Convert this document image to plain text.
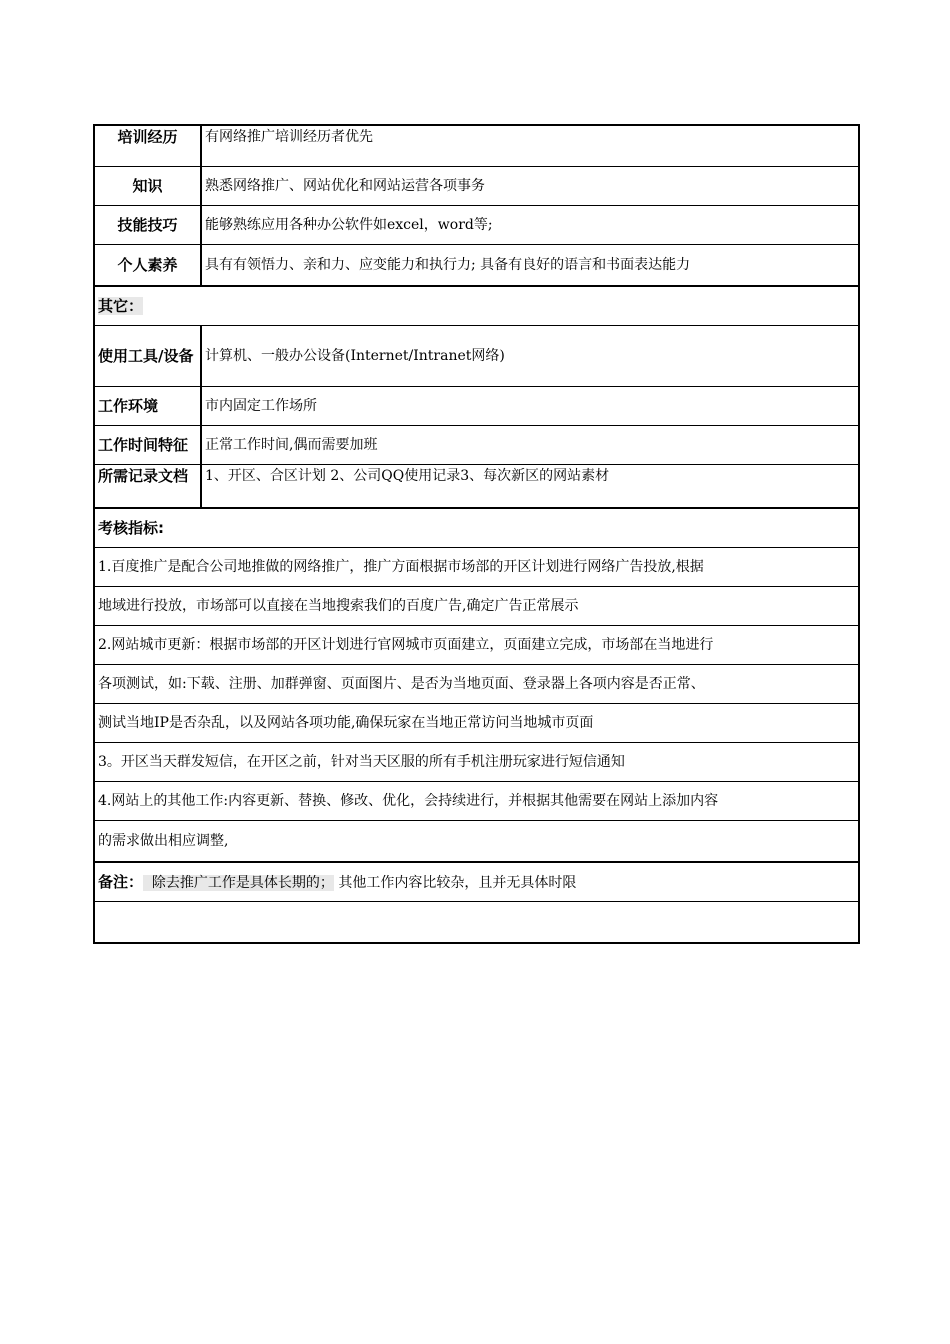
培训经历	有网络推广培训经历者优先
知识	熟悉网络推广、网站优化和网站运营各项事务
技能技巧	能够熟练应用各种办公软件如excel，word等;
个人素养	具有有领悟力、亲和力、应变能力和执行力; 具备有良好的语言和书面表达能力
其它：	
使用工具/设备	计算机、一般办公设备(Internet/Intranet网络)
工作环境	市内固定工作场所
工作时间特征	正常工作时间,偶而需要加班
所需记录文档	1、开区、合区计划 2、公司QQ使用记录3、每次新区的网站素材
考核指标:	
1.百度推广是配合公司地推做的网络推广，推广方面根据市场部的开区计划进行网络广告投放,根据	
地域进行投放，市场部可以直接在当地搜索我们的百度广告,确定广告正常展示	
2.网站城市更新：根据市场部的开区计划进行官网城市页面建立，页面建立完成，市场部在当地进行	
各项测试，如:下载、注册、加群弹窗、页面图片、是否为当地页面、登录器上各项内容是否正常、	
测试当地IP是否杂乱，以及网站各项功能,确保玩家在当地正常访问当地城市页面	
3。开区当天群发短信，在开区之前，针对当天区服的所有手机注册玩家进行短信通知	
4.网站上的其他工作:内容更新、替换、修改、优化，会持续进行，并根据其他需要在网站上添加内容	
的需求做出相应调整,	
备注：  除去推广工作是具体长期的； 其他工作内容比较杂，且并无具体时限	
